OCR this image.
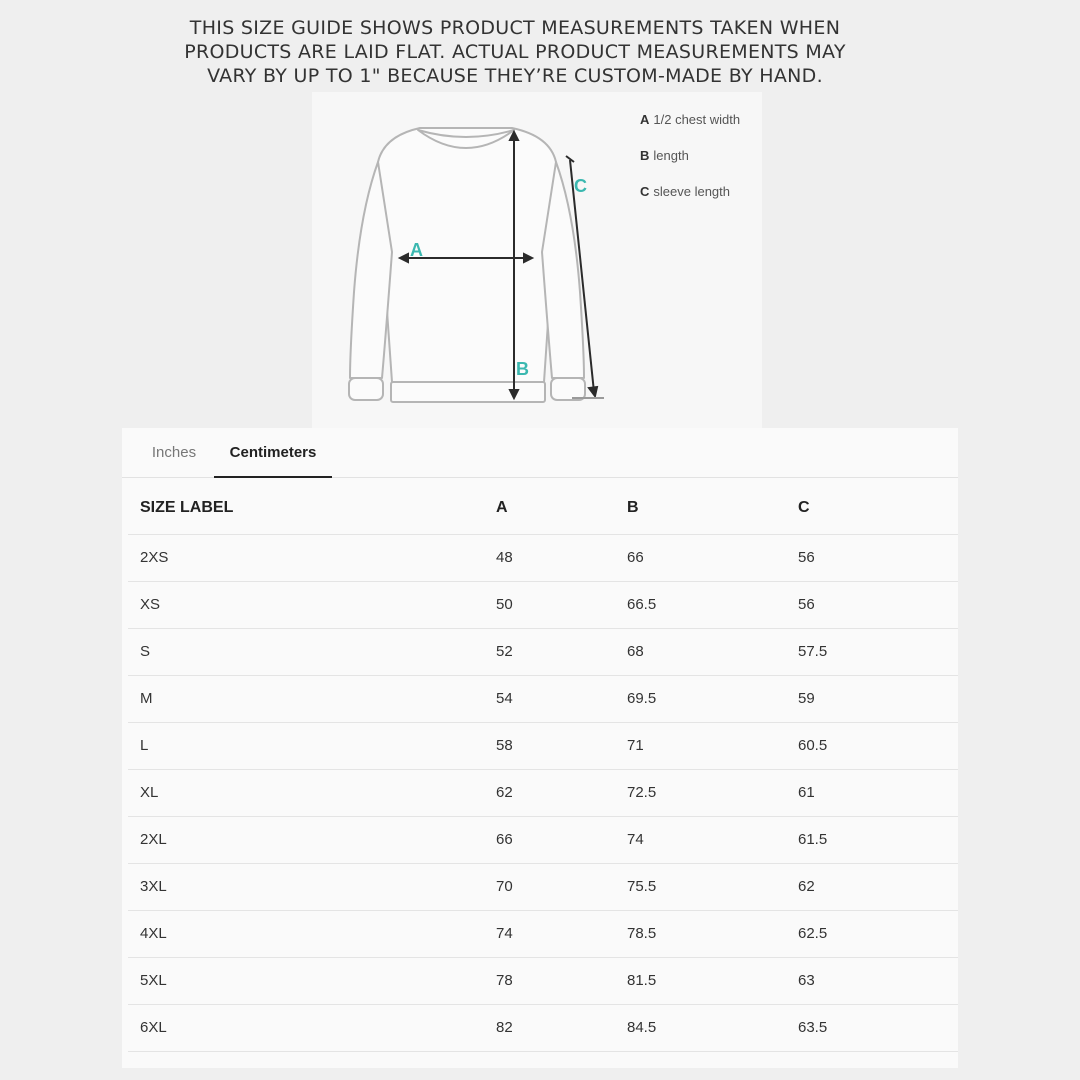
THIS SIZE GUIDE SHOWS PRODUCT MEASUREMENTS TAKEN WHEN
PRODUCTS ARE LAID FLAT. ACTUAL PRODUCT MEASUREMENTS MAY
VARY BY UP TO 1" BECAUSE THEY’RE CUSTOM-MADE BY HAND.
A
B
C
A 1/2 chest width
B length
C sleeve length
Inches	Centimeters
SIZE LABEL	A	B	C
2XS	48	66	56
XS	50	66.5	56
S	52	68	57.5
M	54	69.5	59
L	58	71	60.5
XL	62	72.5	61
2XL	66	74	61.5
3XL	70	75.5	62
4XL	74	78.5	62.5
5XL	78	81.5	63
6XL	82	84.5	63.5
